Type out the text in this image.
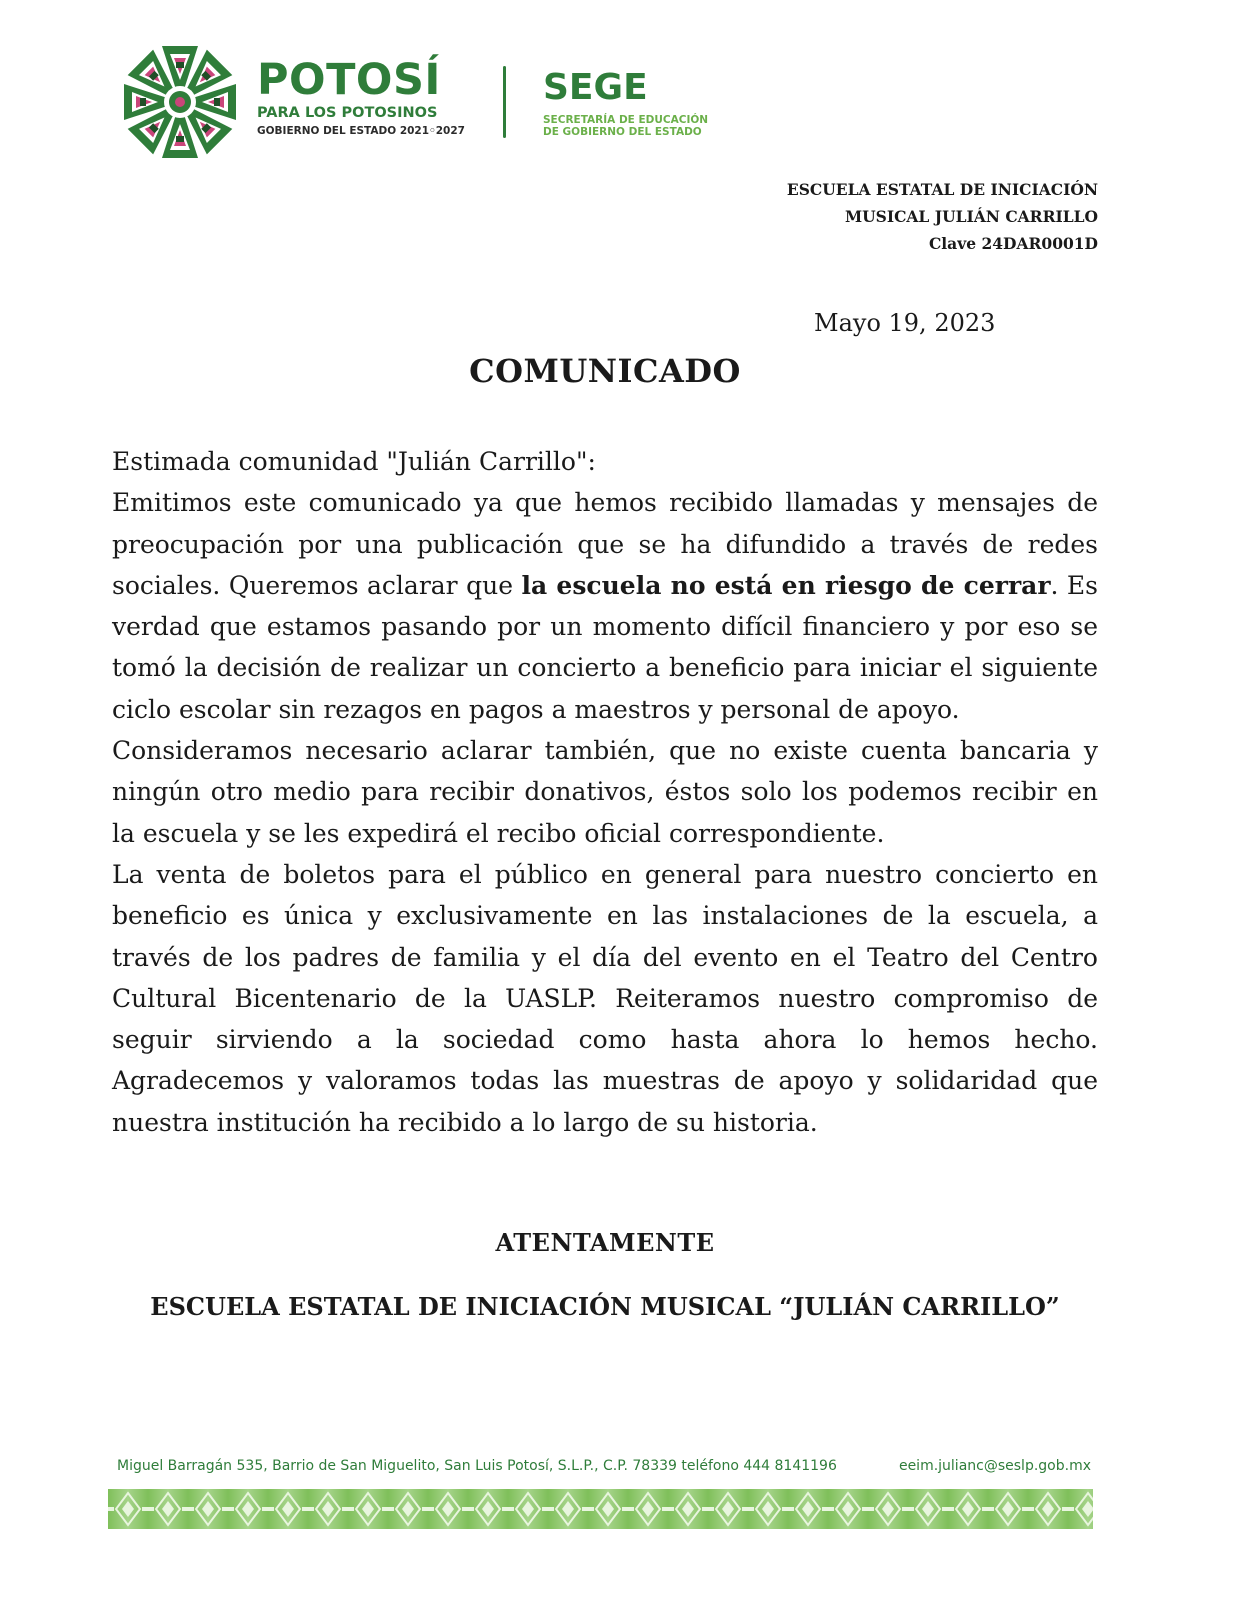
POTOSÍ
PARA LOS POTOSINOS
GOBIERNO DEL ESTADO 2021◦2027
SEGE
SECRETARÍA DE EDUCACIÓN
DE GOBIERNO DEL ESTADO
ESCUELA ESTATAL DE INICIACIÓN
MUSICAL JULIÁN CARRILLO
Clave 24DAR0001D
Mayo 19, 2023
COMUNICADO

Estimada comunidad "Julián Carrillo":

Emitimos este comunicado ya que hemos recibido llamadas y mensajes de preocupación por una publicación que se ha difundido a través de redes sociales. Queremos aclarar que la escuela no está en riesgo de cerrar. Es verdad que estamos pasando por un momento difícil financiero y por eso se tomó la decisión de realizar un concierto a beneficio para iniciar el siguiente ciclo escolar sin rezagos en pagos a maestros y personal de apoyo.

Consideramos necesario aclarar también, que no existe cuenta bancaria y ningún otro medio para recibir donativos, éstos solo los podemos recibir en la escuela y se les expedirá el recibo oficial correspondiente.

La venta de boletos para el público en general para nuestro concierto en beneficio es única y exclusivamente en las instalaciones de la escuela, a través de los padres de familia y el día del evento en el Teatro del Centro Cultural Bicentenario de la UASLP. Reiteramos nuestro compromiso de seguir sirviendo a la sociedad como hasta ahora lo hemos hecho. Agradecemos y valoramos todas las muestras de apoyo y solidaridad que nuestra institución ha recibido a lo largo de su historia.

ATENTAMENTE
ESCUELA ESTATAL DE INICIACIÓN MUSICAL “JULIÁN CARRILLO”
Miguel Barragán 535, Barrio de San Miguelito, San Luis Potosí, S.L.P., C.P. 78339 teléfono 444 8141196	eeim.julianc@seslp.gob.mx
